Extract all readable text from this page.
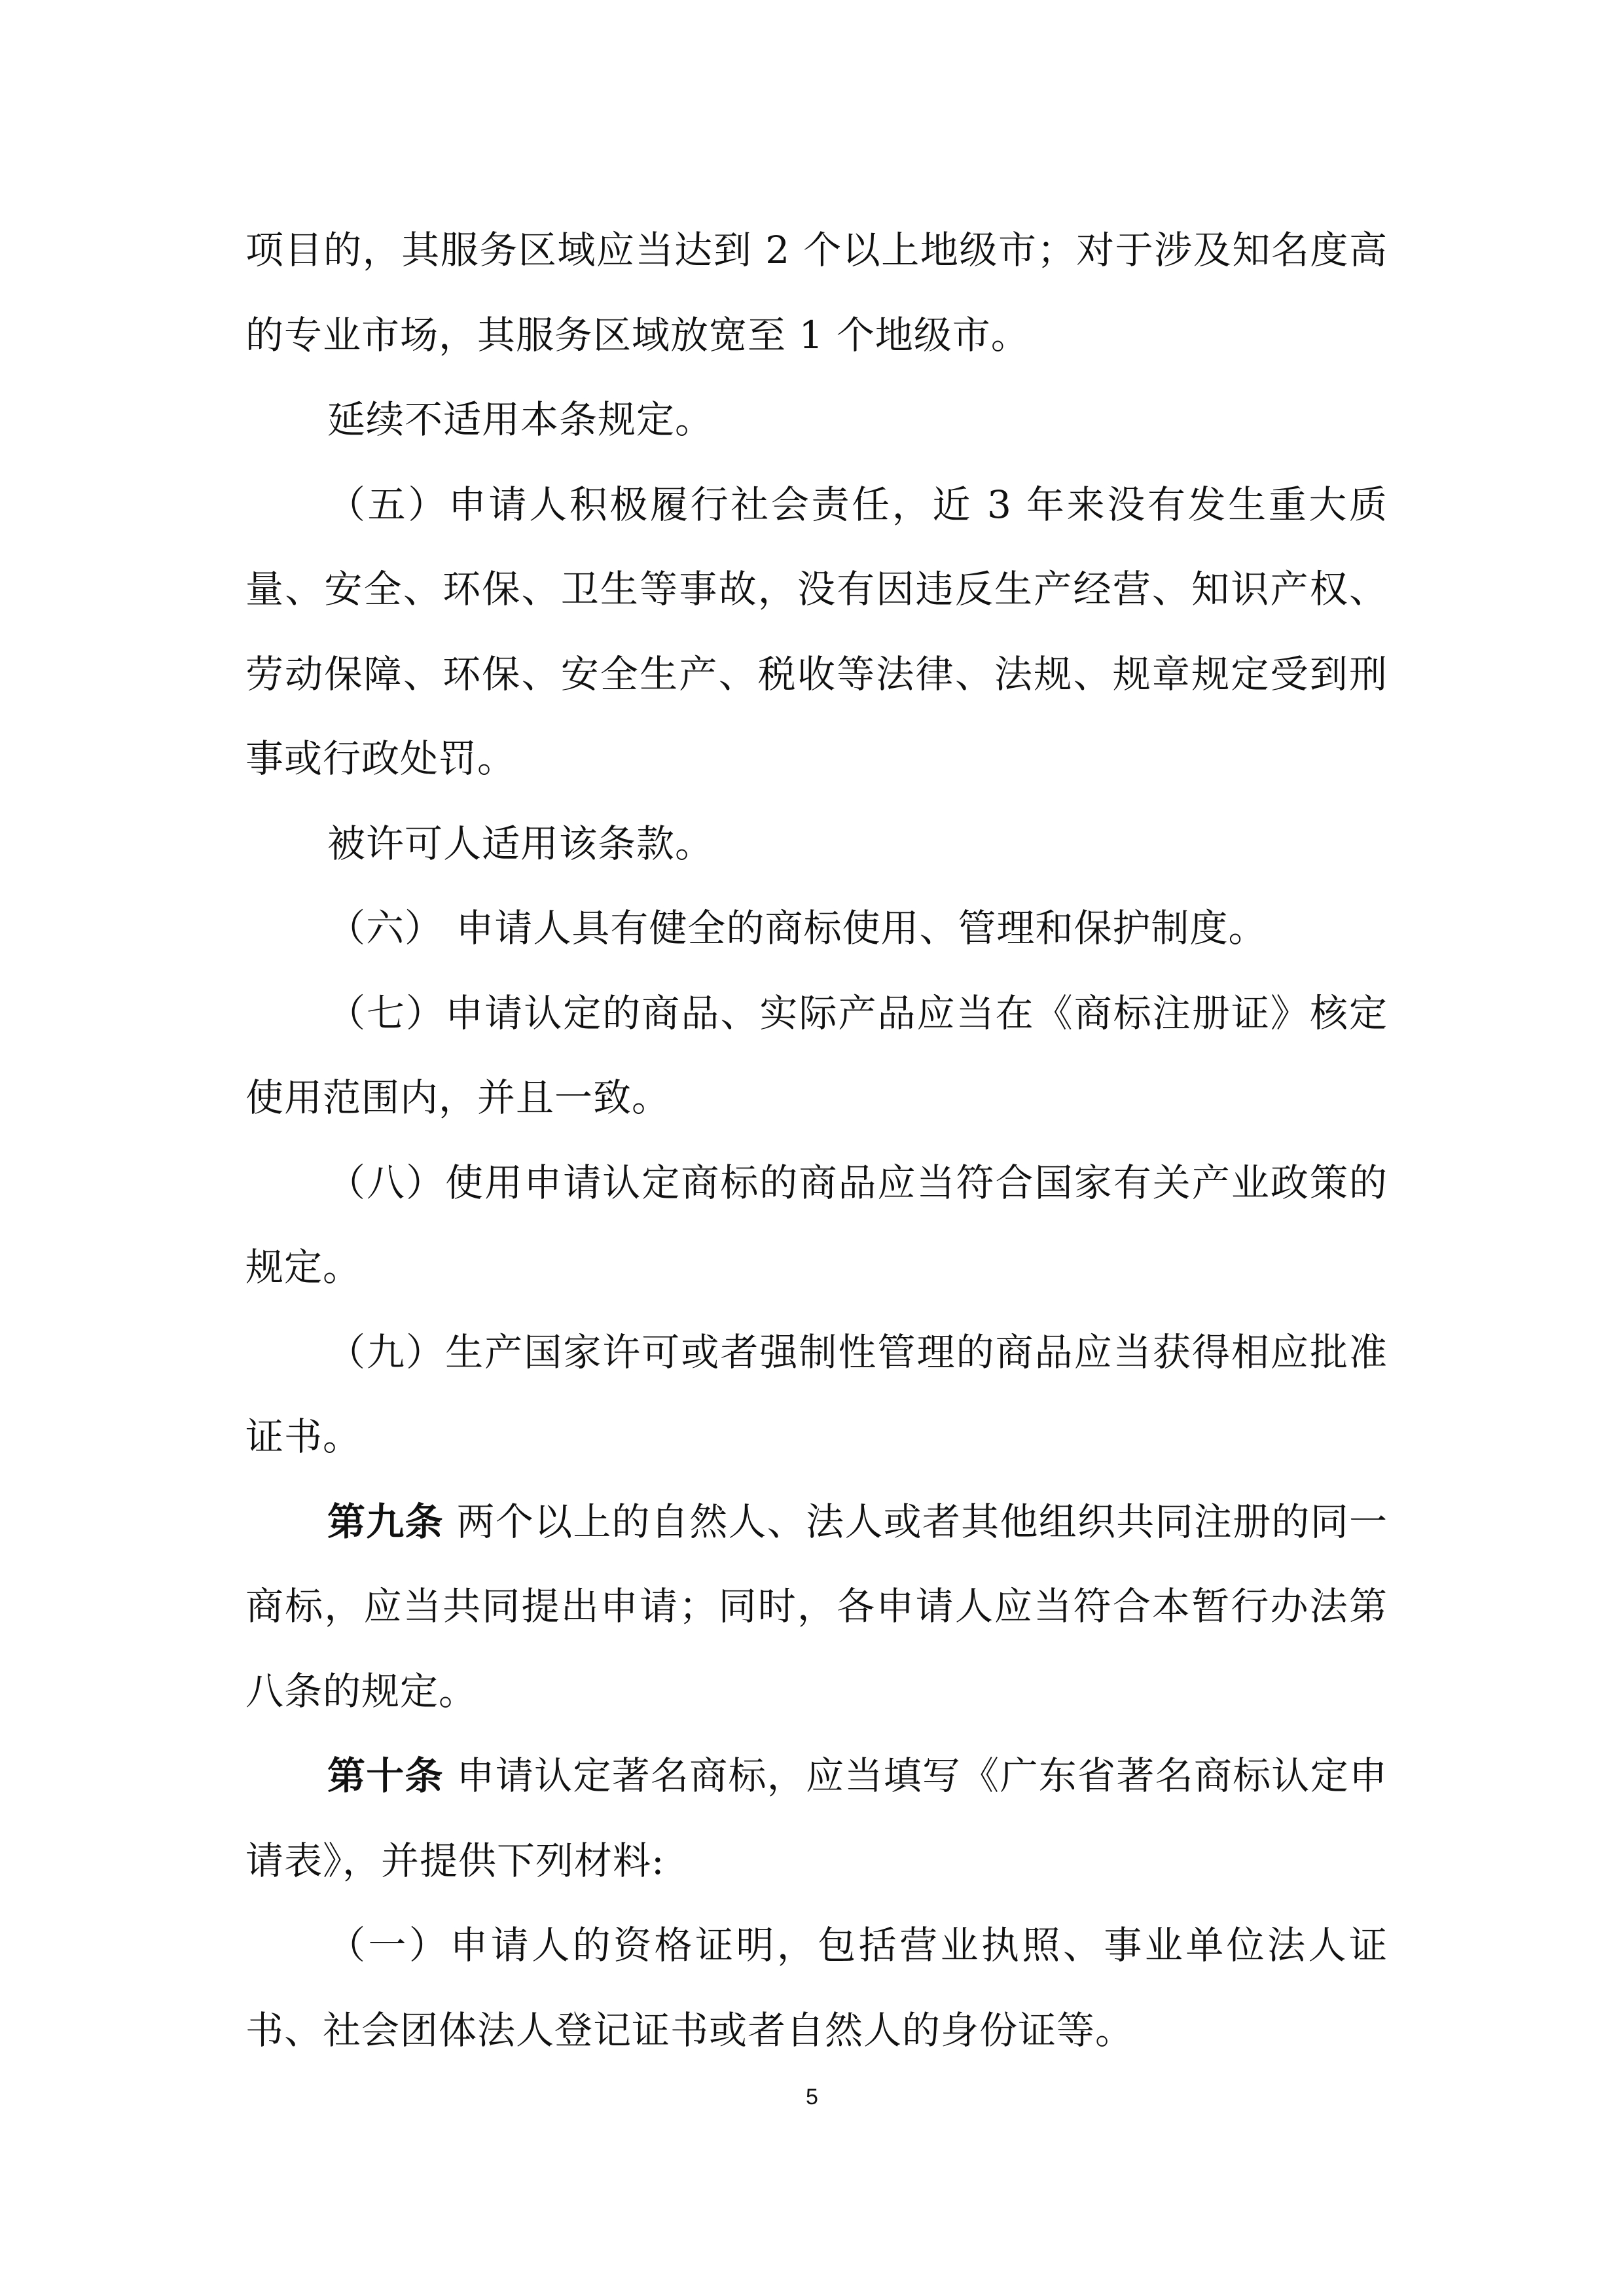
项目的，其服务区域应当达到 2 个以上地级市；对于涉及知名度高的专业市场，其服务区域放宽至 1 个地级市。

延续不适用本条规定。

（五）申请人积极履行社会责任，近 3 年来没有发生重大质量、安全、环保、卫生等事故，没有因违反生产经营、知识产权、劳动保障、环保、安全生产、税收等法律、法规、规章规定受到刑事或行政处罚。

被许可人适用该条款。

（六） 申请人具有健全的商标使用、管理和保护制度。

（七）申请认定的商品、实际产品应当在《商标注册证》核定使用范围内，并且一致。

（八）使用申请认定商标的商品应当符合国家有关产业政策的规定。

（九）生产国家许可或者强制性管理的商品应当获得相应批准证书。

第九条 两个以上的自然人、法人或者其他组织共同注册的同一商标，应当共同提出申请；同时，各申请人应当符合本暂行办法第八条的规定。

第十条 申请认定著名商标，应当填写《广东省著名商标认定申请表》，并提供下列材料:

（一）申请人的资格证明，包括营业执照、事业单位法人证书、社会团体法人登记证书或者自然人的身份证等。

5
